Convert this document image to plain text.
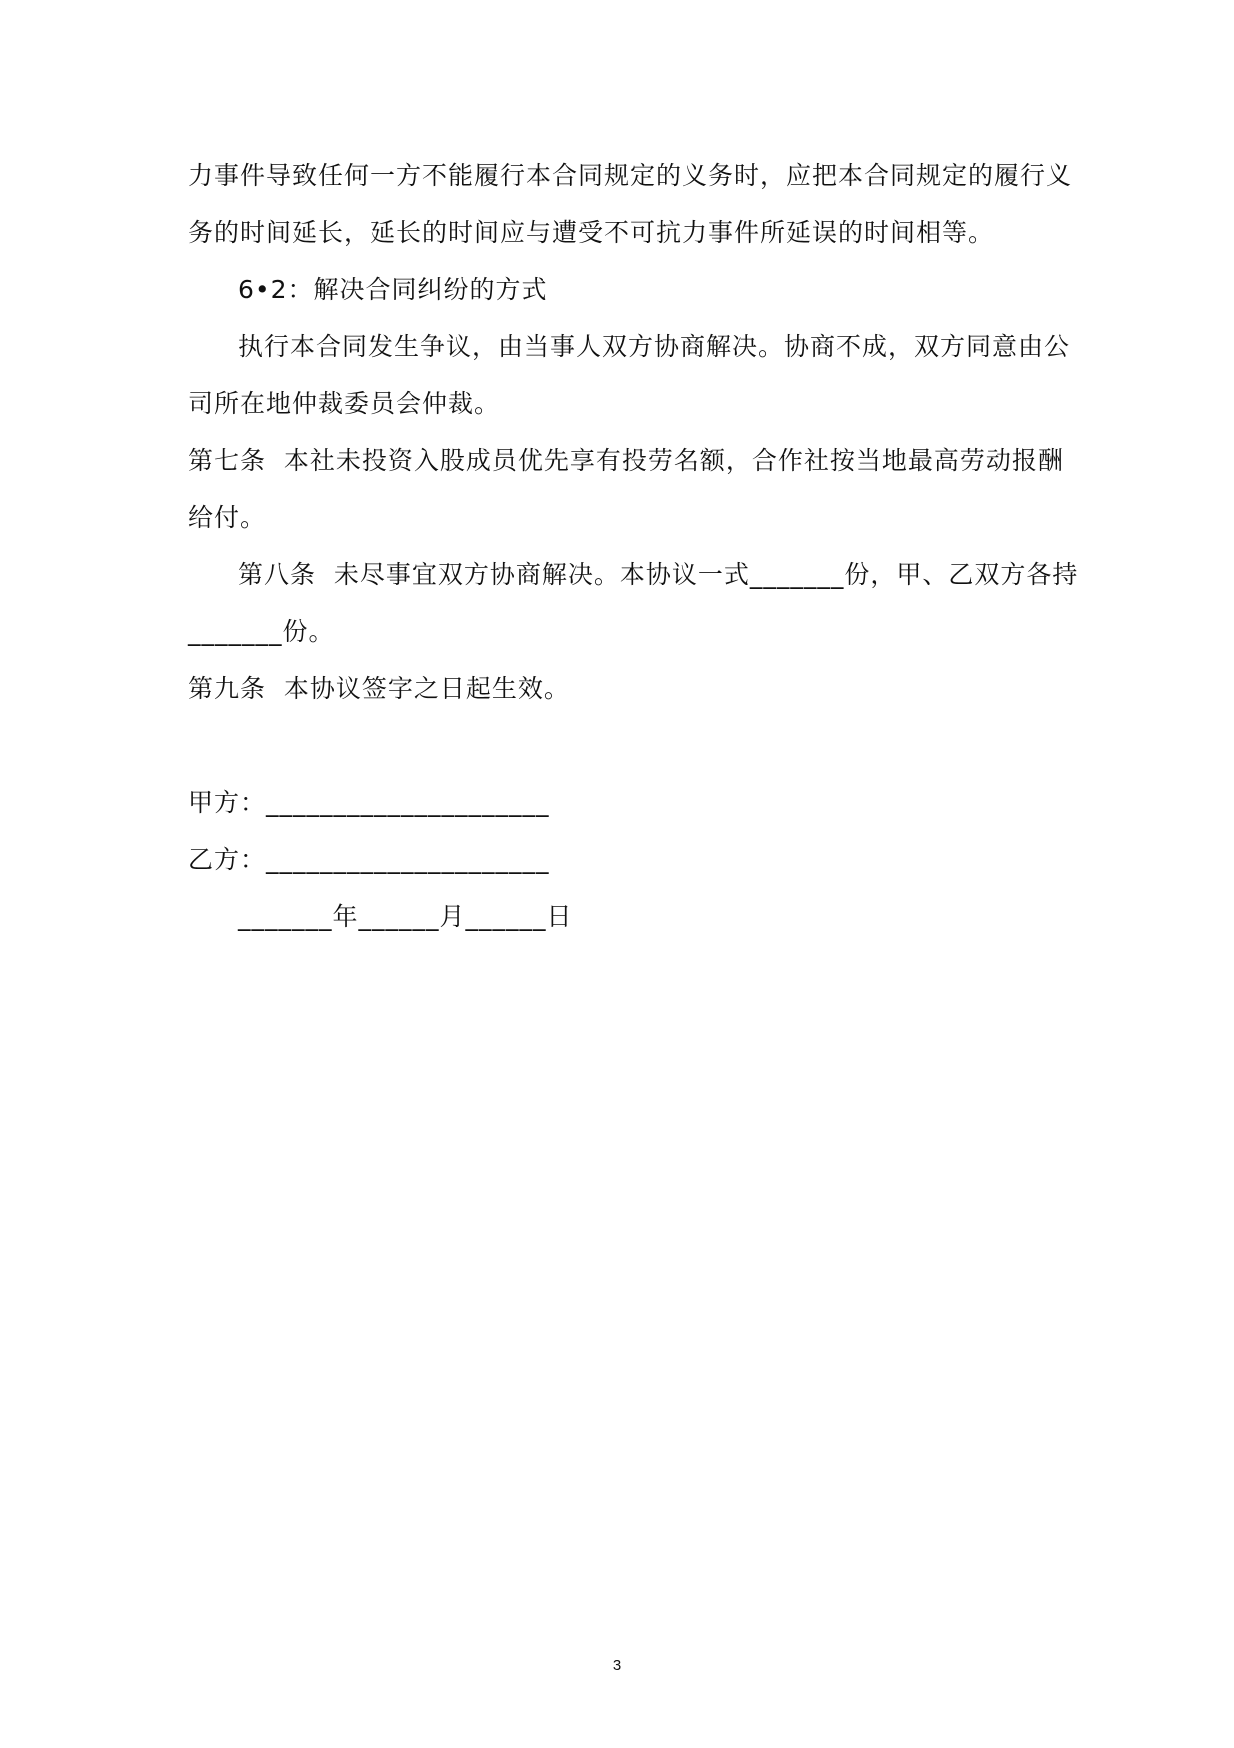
力事件导致任何一方不能履行本合同规定的义务时，应把本合同规定的履行义
务的时间延长，延长的时间应与遭受不可抗力事件所延误的时间相等。
6•2：解决合同纠纷的方式
执行本合同发生争议，由当事人双方协商解决。协商不成，双方同意由公
司所在地仲裁委员会仲裁。
第七条  本社未投资入股成员优先享有投劳名额，合作社按当地最高劳动报酬
给付。
第八条  未尽事宜双方协商解决。本协议一式_______份，甲、乙双方各持
_______份。
第九条  本协议签字之日起生效。
甲方：_____________________
乙方：_____________________
_______年______月______日
3
